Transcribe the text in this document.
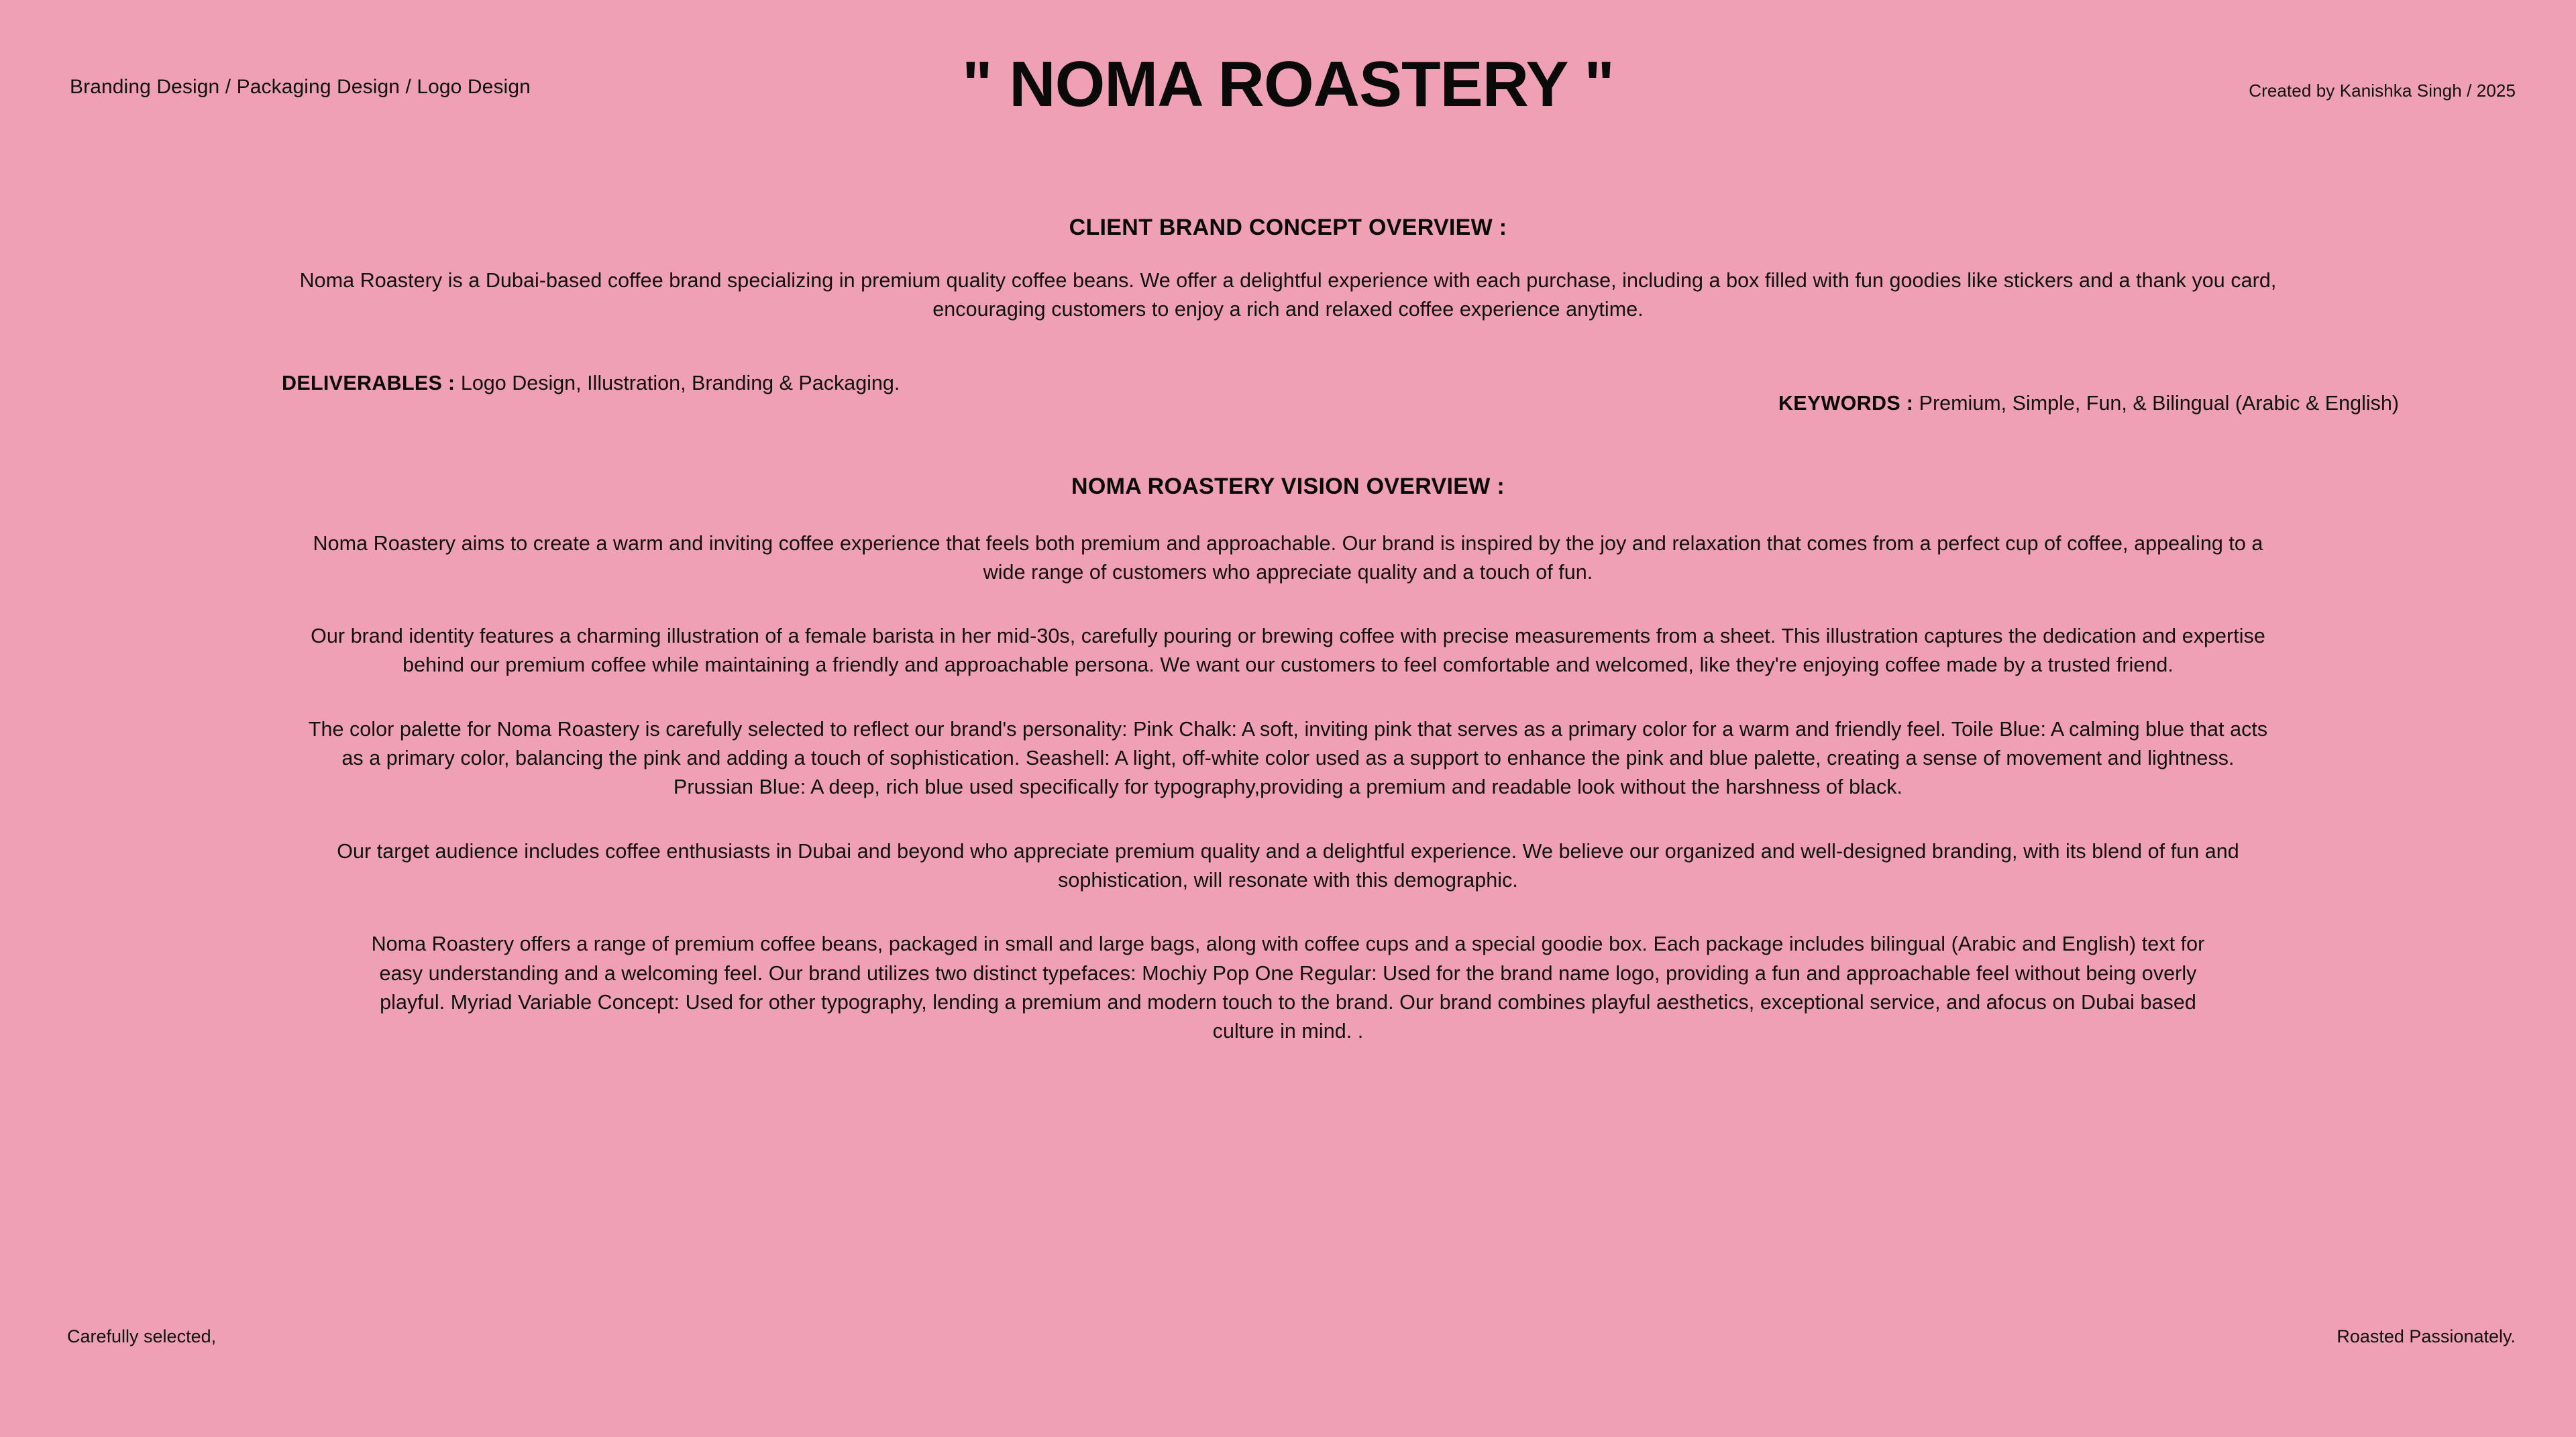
Branding Design / Packaging Design / Logo Design	" NOMA ROASTERY "	Created by Kanishka Singh / 2025
CLIENT BRAND CONCEPT OVERVIEW :
Noma Roastery is a Dubai-based coffee brand specializing in premium quality coffee beans. We offer a delightful experience with each purchase, including a box filled with fun goodies like stickers and a thank you card, encouraging customers to enjoy a rich and relaxed coffee experience anytime.
DELIVERABLES : Logo Design, Illustration, Branding & Packaging.
KEYWORDS : Premium, Simple, Fun, & Bilingual (Arabic & English)
NOMA ROASTERY VISION OVERVIEW :
Noma Roastery aims to create a warm and inviting coffee experience that feels both premium and approachable. Our brand is inspired by the joy and relaxation that comes from a perfect cup of coffee, appealing to a wide range of customers who appreciate quality and a touch of fun.
Our brand identity features a charming illustration of a female barista in her mid-30s, carefully pouring or brewing coffee with precise measurements from a sheet. This illustration captures the dedication and expertise behind our premium coffee while maintaining a friendly and approachable persona. We want our customers to feel comfortable and welcomed, like they're enjoying coffee made by a trusted friend.
The color palette for Noma Roastery is carefully selected to reflect our brand's personality: Pink Chalk: A soft, inviting pink that serves as a primary color for a warm and friendly feel. Toile Blue: A calming blue that acts as a primary color, balancing the pink and adding a touch of sophistication. Seashell: A light, off-white color used as a support to enhance the pink and blue palette, creating a sense of movement and lightness. Prussian Blue: A deep, rich blue used specifically for typography,providing a premium and readable look without the harshness of black.
Our target audience includes coffee enthusiasts in Dubai and beyond who appreciate premium quality and a delightful experience. We believe our organized and well-designed branding, with its blend of fun and sophistication, will resonate with this demographic.
Noma Roastery offers a range of premium coffee beans, packaged in small and large bags, along with coffee cups and a special goodie box. Each package includes bilingual (Arabic and English) text for easy understanding and a welcoming feel. Our brand utilizes two distinct typefaces: Mochiy Pop One Regular: Used for the brand name logo, providing a fun and approachable feel without being overly playful. Myriad Variable Concept: Used for other typography, lending a premium and modern touch to the brand. Our brand combines playful aesthetics, exceptional service, and afocus on Dubai based culture in mind. .
Carefully selected,	Roasted Passionately.
